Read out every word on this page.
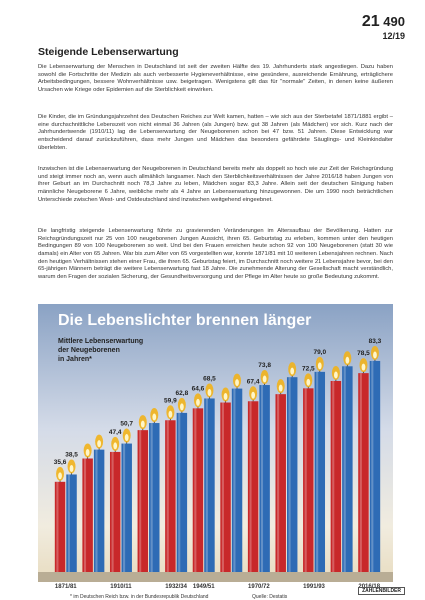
21 490
12/19
Steigende Lebenserwartung

Die Lebenserwartung der Menschen in Deutschland ist seit der zweiten Hälfte des 19. Jahrhunderts stark angestiegen. Dazu haben sowohl die Fortschritte der Medizin als auch verbesserte Hygieneverhältnisse, eine gesündere, ausreichende Ernährung, erträglichere Arbeitsbedingungen, bessere Wohnverhältnisse usw. beigetragen. Wenigstens gilt das für "normale" Zeiten, in denen keine äußeren Ursachen wie Kriege oder Epidemien auf die Sterblichkeit einwirken.

Die Kinder, die im Gründungsjahrzehnt des Deutschen Reiches zur Welt kamen, hatten – wie sich aus der Sterbetafel 1871/1881 ergibt – eine durchschnittliche Lebenszeit von nicht einmal 36 Jahren (als Jungen) bzw. gut 38 Jahren (als Mädchen) vor sich. Kurz nach der Jahrhundertwende (1910/11) lag die Lebenserwartung der Neugeborenen schon bei 47 bzw. 51 Jahren. Diese Entwicklung war entscheidend darauf zurückzuführen, dass mehr Jungen und Mädchen das besonders gefährdete Säuglings- und Kleinkindalter überlebten.

Inzwischen ist die Lebenserwartung der Neugeborenen in Deutschland bereits mehr als doppelt so hoch wie zur Zeit der Reichsgründung und steigt immer noch an, wenn auch allmählich langsamer. Nach den Sterblichkeitsverhältnissen der Jahre 2016/18 haben Jungen von ihrer Geburt an im Durchschnitt noch 78,3 Jahre zu leben, Mädchen sogar 83,3 Jahre. Allein seit der deutschen Einigung haben männliche Neugeborene 6 Jahre, weibliche mehr als 4 Jahre an Lebenserwartung hinzugewonnen. Die um 1990 noch beträchtlichen Unterschiede zwischen West- und Ostdeutschland sind inzwischen weitgehend eingeebnet.

Die langfristig steigende Lebenserwartung führte zu gravierenden Veränderungen im Altersaufbau der Bevölkerung. Hatten zur Reichsgründungszeit nur 25 von 100 neugeborenen Jungen Aussicht, ihren 65. Geburtstag zu erleben, kommen unter den heutigen Bedingungen 89 von 100 Neugeborenen so weit. Und bei den Frauen erreichen heute schon 92 von 100 Neugeborenen (statt 30 wie damals) ein Alter von 65 Jahren. War bis zum Alter von 65 vorgestellten war, konnte 1871/81 mit 10 weiteren Lebensjahren rechnen. Nach den heutigen Verhältnissen stehen einer Frau, die ihren 65. Geburtstag feiert, im Durchschnitt noch weitere 21 Lebensjahre bevor, bei den 65-jährigen Männern beträgt die weitere Lebenserwartung fast 18 Jahre. Die zunehmende Alterung der Gesellschaft macht verständlich, warum den Fragen der sozialen Sicherung, der Gesundheitsversorgung und der Pflege im Alter heute so große Bedeutung zukommt.

Die Lebenslichter brennen länger
Mittlere Lebenserwartung
der Neugeborenen
in Jahren*
35,6
38,5
47,4
50,7
59,9
62,8
64,6
68,5	67,4
73,8	72,5
79,0	78,5
83,3
1871/81	1910/11	1932/34 1949/51	1970/72	1991/93	2016/18
* im Deutschen Reich bzw. in der Bundesrepublik Deutschland	Quelle: Destatis
ZAHLENBILDER
